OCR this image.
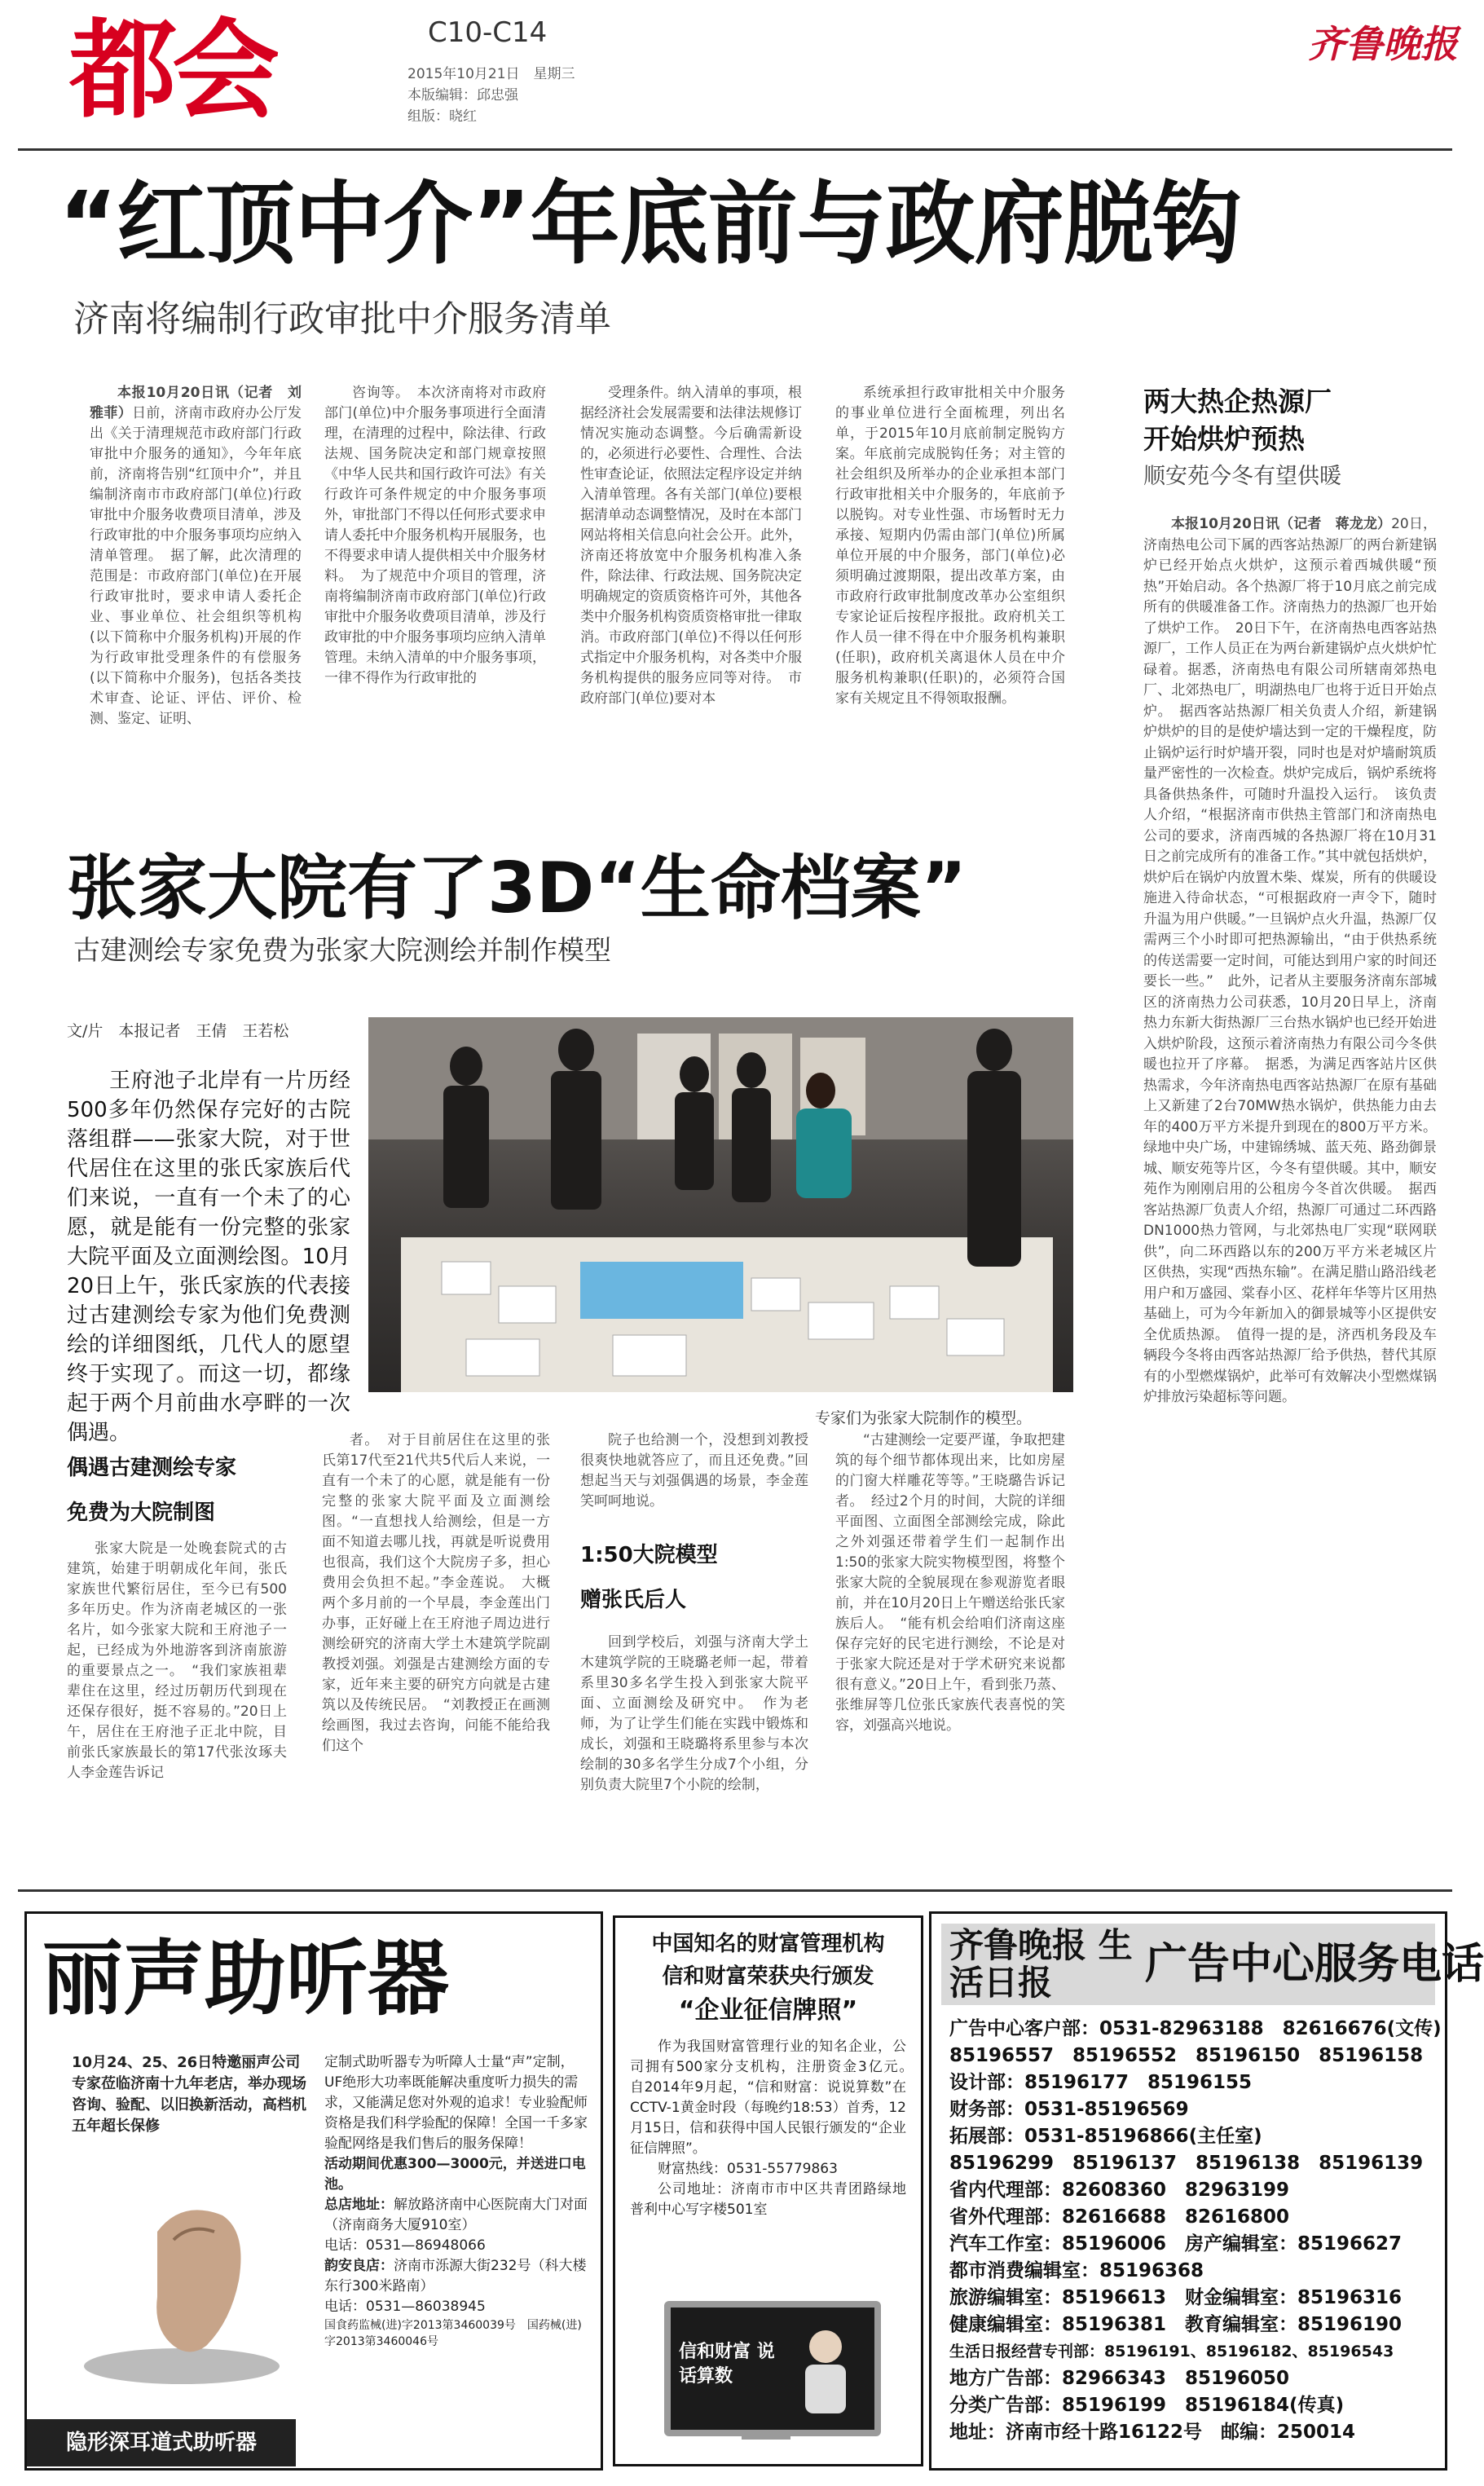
都会	C10-C14
2015年10月21日　星期三
本版编辑：邱忠强
组版：晓红
齐鲁晚报
“红顶中介”年底前与政府脱钩
济南将编制行政审批中介服务清单

本报10月20日讯（记者　刘雅菲）日前，济南市政府办公厅发出《关于清理规范市政府部门行政审批中介服务的通知》，今年年底前，济南将告别“红顶中介”，并且编制济南市市政府部门(单位)行政审批中介服务收费项目清单，涉及行政审批的中介服务事项均应纳入清单管理。　据了解，此次清理的范围是：市政府部门(单位)在开展行政审批时，要求申请人委托企业、事业单位、社会组织等机构(以下简称中介服务机构)开展的作为行政审批受理条件的有偿服务(以下简称中介服务)，包括各类技术审查、论证、评估、评价、检测、鉴定、证明、

咨询等。　本次济南将对市政府部门(单位)中介服务事项进行全面清理，在清理的过程中，除法律、行政法规、国务院决定和部门规章按照《中华人民共和国行政许可法》有关行政许可条件规定的中介服务事项外，审批部门不得以任何形式要求申请人委托中介服务机构开展服务，也不得要求申请人提供相关中介服务材料。　为了规范中介项目的管理，济南将编制济南市政府部门(单位)行政审批中介服务收费项目清单，涉及行政审批的中介服务事项均应纳入清单管理。未纳入清单的中介服务事项，一律不得作为行政审批的

受理条件。纳入清单的事项，根据经济社会发展需要和法律法规修订情况实施动态调整。今后确需新设的，必须进行必要性、合理性、合法性审查论证，依照法定程序设定并纳入清单管理。各有关部门(单位)要根据清单动态调整情况，及时在本部门网站将相关信息向社会公开。此外，济南还将放宽中介服务机构准入条件，除法律、行政法规、国务院决定明确规定的资质资格许可外，其他各类中介服务机构资质资格审批一律取消。市政府部门(单位)不得以任何形式指定中介服务机构，对各类中介服务机构提供的服务应同等对待。　市政府部门(单位)要对本

系统承担行政审批相关中介服务的事业单位进行全面梳理，列出名单，于2015年10月底前制定脱钩方案。年底前完成脱钩任务；对主管的社会组织及所举办的企业承担本部门行政审批相关中介服务的，年底前予以脱钩。对专业性强、市场暂时无力承接、短期内仍需由部门(单位)所属单位开展的中介服务，部门(单位)必须明确过渡期限，提出改革方案，由市政府行政审批制度改革办公室组织专家论证后按程序报批。政府机关工作人员一律不得在中介服务机构兼职(任职)，政府机关离退休人员在中介服务机构兼职(任职)的，必须符合国家有关规定且不得领取报酬。

两大热企热源厂
开始烘炉预热
顺安苑今冬有望供暖

本报10月20日讯（记者　蒋龙龙）20日，济南热电公司下属的西客站热源厂的两台新建锅炉已经开始点火烘炉，这预示着西城供暖“预热”开始启动。各个热源厂将于10月底之前完成所有的供暖准备工作。济南热力的热源厂也开始了烘炉工作。　20日下午，在济南热电西客站热源厂，工作人员正在为两台新建锅炉点火烘炉忙碌着。据悉，济南热电有限公司所辖南郊热电厂、北郊热电厂，明湖热电厂也将于近日开始点炉。　据西客站热源厂相关负责人介绍，新建锅炉烘炉的目的是使炉墙达到一定的干燥程度，防止锅炉运行时炉墙开裂，同时也是对炉墙耐筑质量严密性的一次检查。烘炉完成后，锅炉系统将具备供热条件，可随时升温投入运行。　该负责人介绍，“根据济南市供热主管部门和济南热电公司的要求，济南西城的各热源厂将在10月31日之前完成所有的准备工作。”其中就包括烘炉，烘炉后在锅炉内放置木柴、煤炭，所有的供暖设施进入待命状态，“可根据政府一声令下，随时升温为用户供暖。”一旦锅炉点火升温，热源厂仅需两三个小时即可把热源输出，“由于供热系统的传送需要一定时间，可能达到用户家的时间还要长一些。”　此外，记者从主要服务济南东部城区的济南热力公司获悉，10月20日早上，济南热力东新大街热源厂三台热水锅炉也已经开始进入烘炉阶段，这预示着济南热力有限公司今冬供暖也拉开了序幕。　据悉，为满足西客站片区供热需求，今年济南热电西客站热源厂在原有基础上又新建了2台70MW热水锅炉，供热能力由去年的400万平方米提升到现在的800万平方米。绿地中央广场，中建锦绣城、蓝天苑、路劲御景城、顺安苑等片区，今冬有望供暖。其中，顺安苑作为刚刚启用的公租房今冬首次供暖。　据西客站热源厂负责人介绍，热源厂可通过二环西路DN1000热力管网，与北郊热电厂实现“联网联供”，向二环西路以东的200万平方米老城区片区供热，实现“西热东输”。在满足腊山路沿线老用户和万盛园、棠春小区、花样年华等片区用热基础上，可为今年新加入的御景城等小区提供安全优质热源。　值得一提的是，济西机务段及车辆段今冬将由西客站热源厂给予供热，替代其原有的小型燃煤锅炉，此举可有效解决小型燃煤锅炉排放污染超标等问题。

张家大院有了3D“生命档案”
古建测绘专家免费为张家大院测绘并制作模型
文/片　本报记者　王倩　王若松

王府池子北岸有一片历经500多年仍然保存完好的古院落组群——张家大院，对于世代居住在这里的张氏家族后代们来说，一直有一个未了的心愿，就是能有一份完整的张家大院平面及立面测绘图。10月20日上午，张氏家族的代表接过古建测绘专家为他们免费测绘的详细图纸，几代人的愿望终于实现了。而这一切，都缘起于两个月前曲水亭畔的一次偶遇。

专家们为张家大院制作的模型。
偶遇古建测绘专家
免费为大院制图

张家大院是一处晚套院式的古建筑，始建于明朝成化年间，张氏家族世代繁衍居住，至今已有500多年历史。作为济南老城区的一张名片，如今张家大院和王府池子一起，已经成为外地游客到济南旅游的重要景点之一。　“我们家族祖辈辈住在这里，经过历朝历代到现在还保存很好，挺不容易的。”20日上午，居住在王府池子正北中院，目前张氏家族最长的第17代张汝琢夫人李金莲告诉记

者。　对于目前居住在这里的张氏第17代至21代共5代后人来说，一直有一个未了的心愿，就是能有一份完整的张家大院平面及立面测绘图。“一直想找人给测绘，但是一方面不知道去哪儿找，再就是听说费用也很高，我们这个大院房子多，担心费用会负担不起。”李金莲说。　大概两个多月前的一个早晨，李金莲出门办事，正好碰上在王府池子周边进行测绘研究的济南大学土木建筑学院副教授刘强。刘强是古建测绘方面的专家，近年来主要的研究方向就是古建筑以及传统民居。　“刘教授正在画测绘画图，我过去咨询，问能不能给我们这个

院子也给测一个，没想到刘教授很爽快地就答应了，而且还免费。”回想起当天与刘强偶遇的场景，李金莲笑呵呵地说。

1:50大院模型
赠张氏后人

回到学校后，刘强与济南大学土木建筑学院的王晓璐老师一起，带着系里30多名学生投入到张家大院平面、立面测绘及研究中。　作为老师，为了让学生们能在实践中锻炼和成长，刘强和王晓璐将系里参与本次绘制的30多名学生分成7个小组，分别负责大院里7个小院的绘制，

“古建测绘一定要严谨，争取把建筑的每个细节都体现出来，比如房屋的门窗大样雕花等等。”王晓璐告诉记者。　经过2个月的时间，大院的详细平面图、立面图全部测绘完成，除此之外刘强还带着学生们一起制作出1:50的张家大院实物模型图，将整个张家大院的全貌展现在参观游览者眼前，并在10月20日上午赠送给张氏家族后人。　“能有机会给咱们济南这座保存完好的民宅进行测绘，不论是对于张家大院还是对于学术研究来说都很有意义。”20日上午，看到张乃蒸、张维屏等几位张氏家族代表喜悦的笑容，刘强高兴地说。

丽声助听器
10月24、25、26日特邀丽声公司专家莅临济南十九年老店，举办现场咨询、验配、以旧换新活动，高档机五年超长保修

定制式助听器专为听障人士量“声”定制，UF绝形大功率既能解决重度听力损失的需求，又能满足您对外观的追求！专业验配师资格是我们科学验配的保障！全国一千多家验配网络是我们售后的服务保障！

活动期间优惠300—3000元，并送进口电池。

总店地址：解放路济南中心医院南大门对面（济南商务大厦910室）

电话：0531—86948066

韵安良店：济南市泺源大街232号（科大楼东行300米路南）

电话：0531—86038945

国食药监械(进)字2013第3460039号　国药械(进)字2013第3460046号

隐形深耳道式助听器
中国知名的财富管理机构
信和财富荣获央行颁发
“企业征信牌照”

作为我国财富管理行业的知名企业，公司拥有500家分支机构，注册资金3亿元。　自2014年9月起，“信和财富：说说算数”在CCTV-1黄金时段（每晚约18:53）首秀，12月15日，信和获得中国人民银行颁发的“企业征信牌照”。

财富热线：0531-55779863

公司地址：济南市市中区共青团路绿地普利中心写字楼501室

信和财富 说话算数
齐鲁晚报 生活日报	广告中心服务电话
广告中心客户部：0531-82963188　82616676(文传)
85196557　85196552　85196150　85196158
设计部：85196177　85196155
财务部：0531-85196569
拓展部：0531-85196866(主任室)
85196299　85196137　85196138　85196139
省内代理部：82608360　82963199
省外代理部：82616688　82616800
汽车工作室：85196006　房产编辑室：85196627
都市消费编辑室：85196368
旅游编辑室：85196613　财金编辑室：85196316
健康编辑室：85196381　教育编辑室：85196190
生活日报经营专刊部：85196191、85196182、85196543
地方广告部：82966343　85196050
分类广告部：85196199　85196184(传真)
地址：济南市经十路16122号　邮编：250014
